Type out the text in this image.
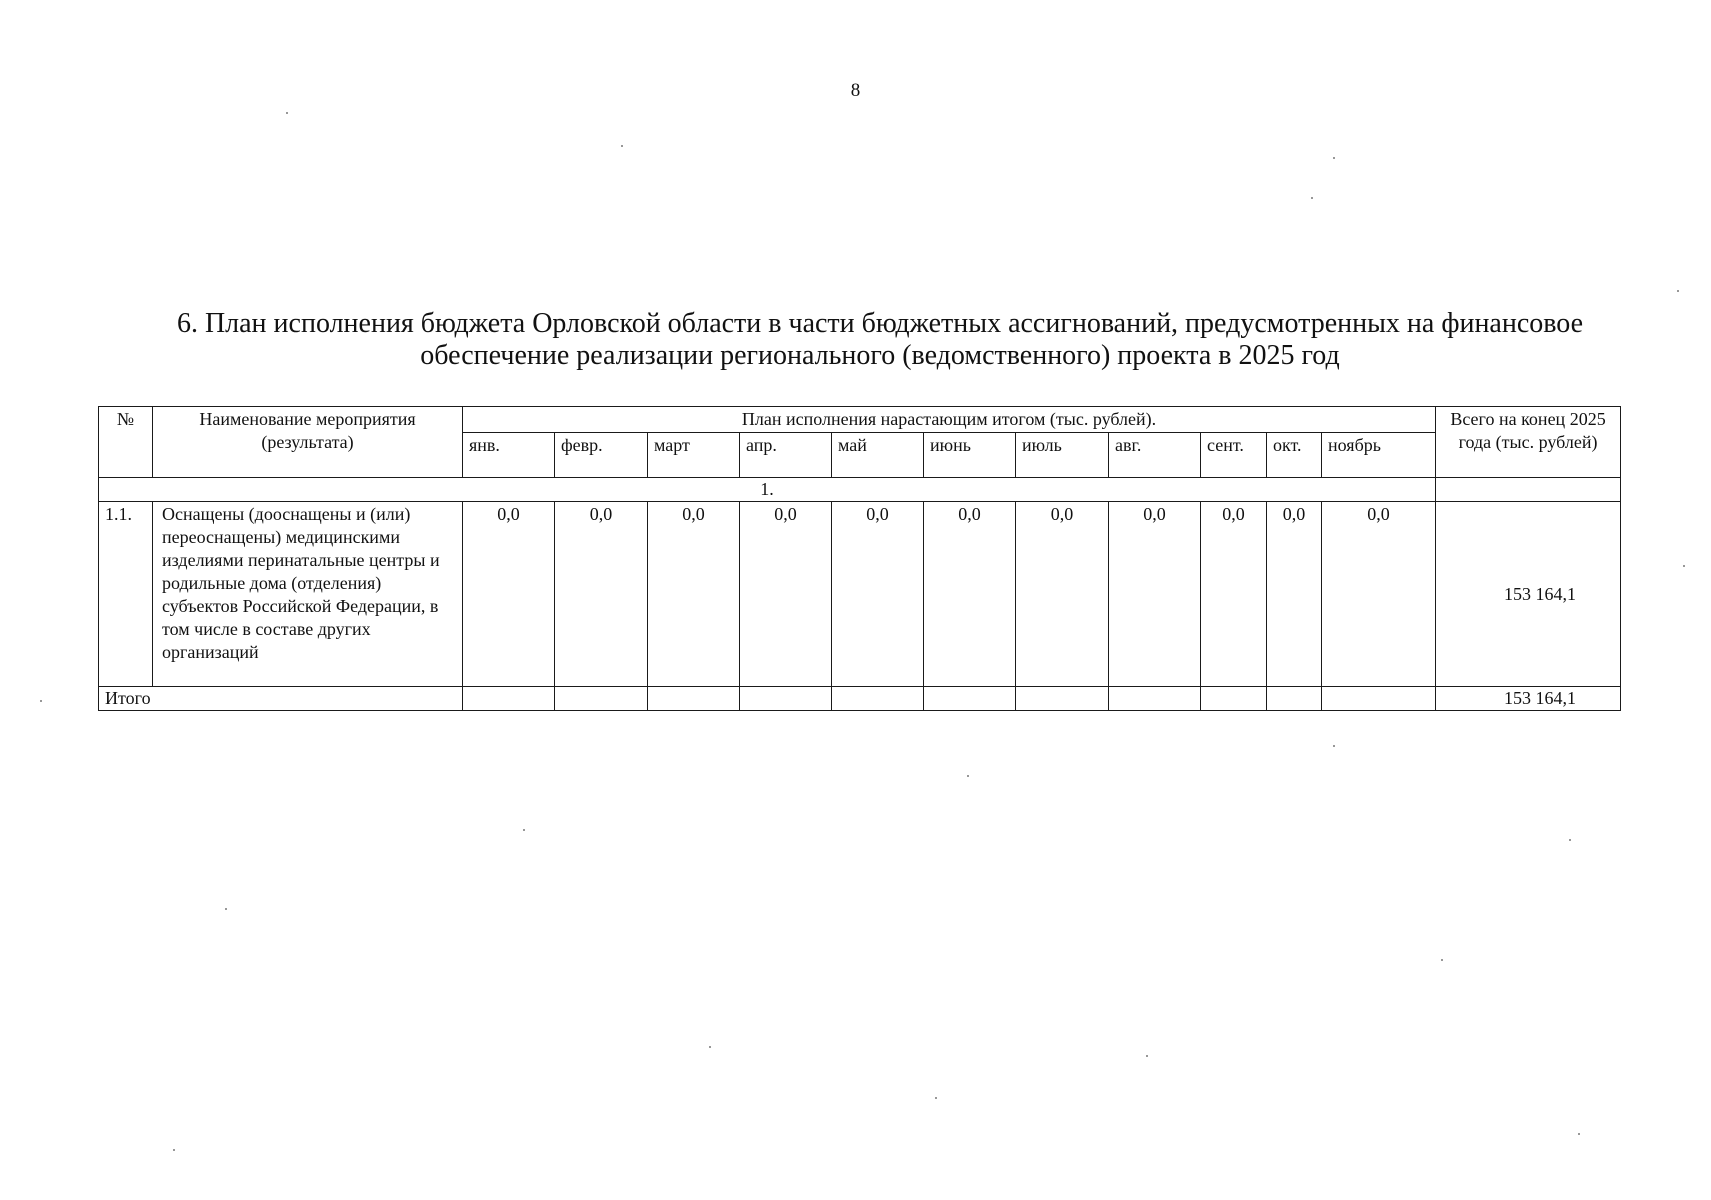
8
6. План исполнения бюджета Орловской области в части бюджетных ассигнований, предусмотренных на финансовое
обеспечение реализации регионального (ведомственного) проекта в 2025 год
№	Наименование мероприятия (результата)	План исполнения нарастающим итогом (тыс. рублей).											Всего на конец 2025 года (тыс. рублей)
		янв.	февр.	март	апр.	май	июнь	июль	авг.	сент.	окт.	ноябрь	
1.													
1.1.	Оснащены (дооснащены и (или) переоснащены) медицинскими изделиями перинатальные центры и родильные дома (отделения) субъектов Российской Федерации, в том числе в составе других организаций	0,0	0,0	0,0	0,0	0,0	0,0	0,0	0,0	0,0	0,0	0,0	153 164,1
Итого													153 164,1
